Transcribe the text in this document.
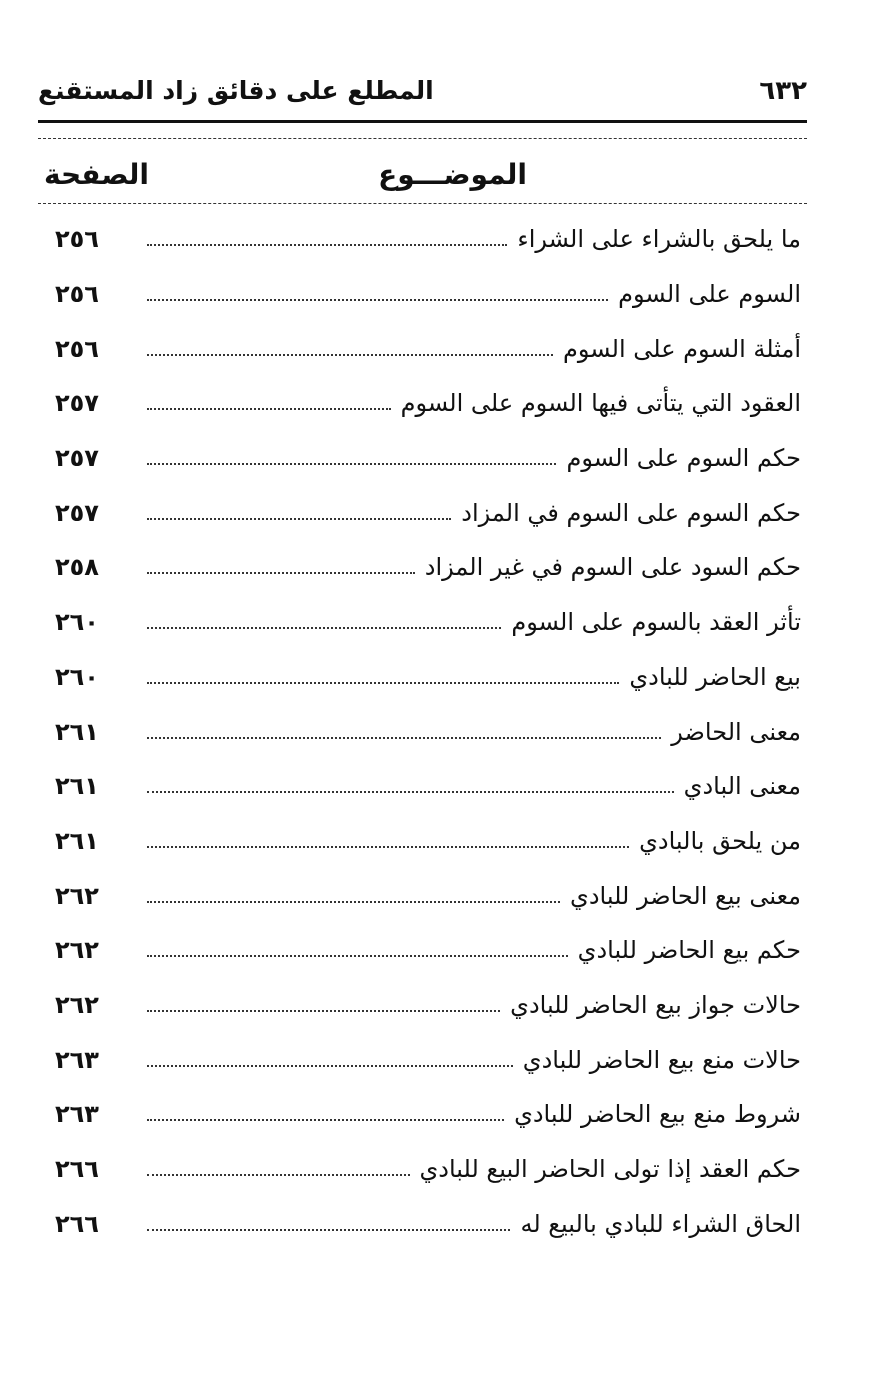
٦٣٢
المطلع على دقائق زاد المستقنع
الموضـــوع
الصفحة
ما يلحق بالشراء على الشراء
٢٥٦
السوم على السوم
٢٥٦
أمثلة السوم على السوم
٢٥٦
العقود التي يتأتى فيها السوم على السوم
٢٥٧
حكم السوم على السوم
٢٥٧
حكم السوم على السوم في المزاد
٢٥٧
حكم السود على السوم في غير المزاد
٢٥٨
تأثر العقد بالسوم على السوم
٢٦٠
بيع الحاضر للبادي
٢٦٠
معنى الحاضر
٢٦١
معنى البادي
٢٦١
من يلحق بالبادي
٢٦١
معنى بيع الحاضر للبادي
٢٦٢
حكم بيع الحاضر للبادي
٢٦٢
حالات جواز بيع الحاضر للبادي
٢٦٢
حالات منع بيع الحاضر للبادي
٢٦٣
شروط منع بيع الحاضر للبادي
٢٦٣
حكم العقد إذا تولى الحاضر البيع للبادي
٢٦٦
الحاق الشراء للبادي بالبيع له
٢٦٦
